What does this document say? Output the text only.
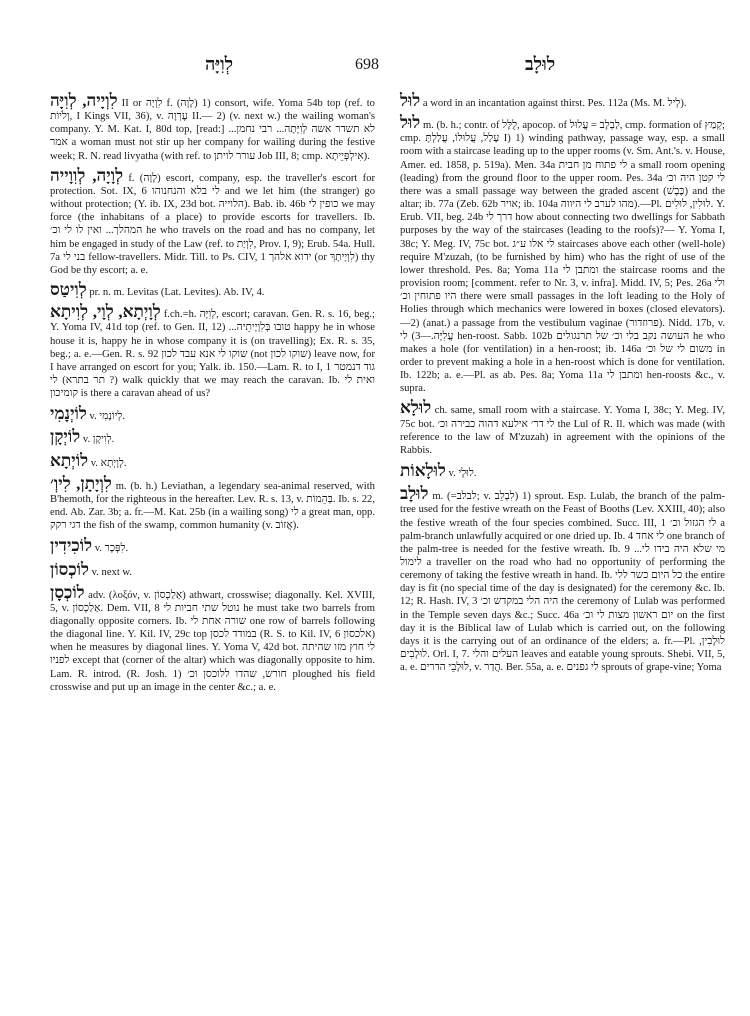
לְוִיָּה	698	לוּלָב

לִוְיָיה, לְוִיָּה II or לִוְיָה f. (לָוָה) 1) consort, wife. Yoma 54b top (ref. to וְלֹיוֹת, I Kings VII, 36), v. עֶרְוָה II.— 2) (v. next w.) the wailing woman's company. Y. M. Kat. I, 80d top, [read:] לא תשדר אשה לְוִיָּתָה... רבי נחמן... אמר a woman must not stir up her company for wailing during the festive week; R. N. read livyatha (with ref. to עורר לויתן Job III, 8; cmp. אִילְפְּיֵיתָא).

לְוָיָה, לְוִוָייה f. (לָוָה) escort, company, esp. the traveller's escort for protection. Sot. IX, 6 לי בלא והנחנוהו and we let him (the stranger) go without protection; (Y. ib. IX, 23d bot. הלוייה). Bab. ib. 46b כופין לי we may force (the inhabitans of a place) to provide escorts for travellers. Ib. המהלך... ואין לו לי וכ׳ he who travels on the road and has no company, let him be engaged in study of the Law (ref. to לִוְיַת, Prov. I, 9); Erub. 54a. Hull. 7a בני לי fellow-travellers. Midr. Till. to Ps. CIV, 1 ידוא אלהך (or לִוְיָיתָךְ) thy God be thy escort; a. e.

לְוִיטַס pr. n. m. Levitas (Lat. Levites). Ab. IV, 4.

לְוָיְתָא, לְוָי, לְוִיתָא f.ch.=h. לְוִיָּה, escort; caravan. Gen. R. s. 16, beg.; Y. Yoma IV, 41d top (ref. to Gen. II, 12) ...טובו בְּלִוְיָיתֵיה happy he in whose house it is, happy he in whose company it is (on travelling); Ex. R. s. 35, beg.; a. e.—Gen. R. s. 92 שוקו לי אנא עבד לכון (not שוקו לכון) leave now, for I have arranged on escort for you; Yalk. ib. 150.—Lam. R. to I, 1 גוד דנמטר (? תר בתרא) לי walk quickly that we may reach the caravan. Ib. ואית לי קומיכון is there a caravan ahead of us?

לוֹיְנָמִי v. לְיוֹנָמִי.

לוֹיְקָן v. לְוִיקָן.

לוֹיְתָא v. לְוָיְתָא.

לִוְיָתָן, לִיוְ׳ m. (b. h.) Leviathan, a legendary sea-animal reserved, with B'hemoth, for the righteous in the hereafter. Lev. R. s. 13, v. בְּהֵמוֹת. Ib. s. 22, end. Ab. Zar. 3b; a. fr.—M. Kat. 25b (in a wailing song) לי a great man, opp. דגי רקק the fish of the swamp, common humanity (v. אֲזוֹב).

לוֹכִידִין v. לִפְּכָר.

לוֹכְסוֹן v. next w.

לוֹכְסָן adv. (λοξόν, v. אַלַכְסוֹן) athwart, crosswise; diagonally. Kel. XVIII, 5, v. אַלַכְסוֹן. Dem. VII, 8 נוטל שתי חביות לי he must take two barrels from diagonally opposite corners. Ib. שורה אחת לי one row of barrels following the diagonal line. Y. Kil. IV, 29c top במודד לכסן (R. S. to Kil. IV, 6 אלכסון) when he measures by diagonal lines. Y. Yoma V, 42d bot. לי חוץ מזו שהיתה לפניו except that (corner of the altar) which was diagonally opposite to him. Lam. R. introd. (R. Josh. 1) חורש, שהדו ללוכסן וכ׳ ploughed his field crosswise and put up an image in the center &c.; a. e.

לוּל a word in an incantation against thirst. Pes. 112a (Ms. M. לְיל).

לוּל m. (b. h.; contr. of לֻלָּל, apocop. of לַבְלָב = עֲלוּל, cmp. formation of קְמַץ; cmp. עָלַל, עֲלוּלוֹ, עֲלַלְתָּ I) 1) winding pathway, passage way, esp. a small room with a staircase leading up to the upper rooms (v. Sm. Ant.'s. v. House, Amer. ed. 1858, p. 519a). Men. 34a לי פתוח מן חבית a small room opening (leading) from the ground floor to the upper room. Pes. 34a לי קטן היה וכ׳ there was a small passage way between the graded ascent (כֶּבֶשׁ) and the altar; ib. 77a (Zeb. 62b אויר; ib. 104a מהו לערב לי היווה).—Pl. לוּלִין, לוּלִים. Y. Erub. VII, beg. 24b דרך לי how about connecting two dwellings for Sabbath purposes by the way of the staircases (leading to the roofs)?— Y. Yoma I, 38c; Y. Meg. IV, 75c bot. לי אלו ע״ג staircases above each other (well-hole) require M'zuzah, (to be furnished by him) who has the right of use of the lower threshold. Pes. 8a; Yoma 11a ומתבן לי the staircase rooms and the provision room; [comment. refer to Nr. 3, v. infra]. Midd. IV, 5; Pes. 26a ולי היו פתוחין וכ׳ there were small passages in the loft leading to the Holy of Holies through which mechanics were lowered in boxes (closed elevators).—2) (anat.) a passage from the vestibulum vaginae (פרוזדור). Nidd. 17b, v. עֲלִיָּה.—3) לי hen-roost. Sabb. 102b העושה נקב בלי וכ׳ של תרנגולים he who makes a hole (for ventilation) in a hen-roost; ib. 146a משום לי של וכ׳ in order to prevent making a hole in a hen-roost which is done for ventilation. Ib. 122b; a. e.—Pl. as ab. Pes. 8a; Yoma 11a ומתבן לי hen-roosts &c., v. supra.

לוּלָא ch. same, small room with a staircase. Y. Yoma I, 38c; Y. Meg. IV, 75c bot. לי דר׳ אילעא דהוה כבירה וכ׳ the Lul of R. Il. which was made (with reference to the law of M'zuzah) in agreement with the opinions of the Rabbis.

לוּלָאוֹת v. לוּלָי.

לוּלָב m. (=לבלב; v. לִבְלֵב) 1) sprout. Esp. Lulab, the branch of the palm-tree used for the festive wreath on the Feast of Booths (Lev. XXIII, 40); also the festive wreath of the four species combined. Succ. III, 1 לי הגזול וכ׳ a palm-branch unlawfully acquired or one dried up. Ib. 4 לי אחד one branch of the palm-tree is needed for the festive wreath. Ib. 9 ...מי שלא היה בידו לי לימול a traveller on the road who had no opportunity of performing the ceremony of taking the festive wreath in hand. Ib. כל היום כשר ללי the entire day is fit (no special time of the day is designated) for the ceremony &c. Ib. 12; R. Hash. IV, 3 היה הלי במקדש וכ׳ the ceremony of Lulab was performed in the Temple seven days &c.; Succ. 46a יום ראשון מצות לי וכ׳ on the first day it is the Biblical law of Lulab which is carried out, on the following days it is the carrying out of an ordinance of the elders; a. fr.—Pl. לוּלָבִין, לוּלָבִים. Orl. I, 7. העלים והלי leaves and eatable young sprouts. Shebi. VII, 5, a. e. לוּלָבֵי הדרים, v. הֲדַר. Ber. 55a, a. e. לי גפנים sprouts of grape-vine; Yoma
